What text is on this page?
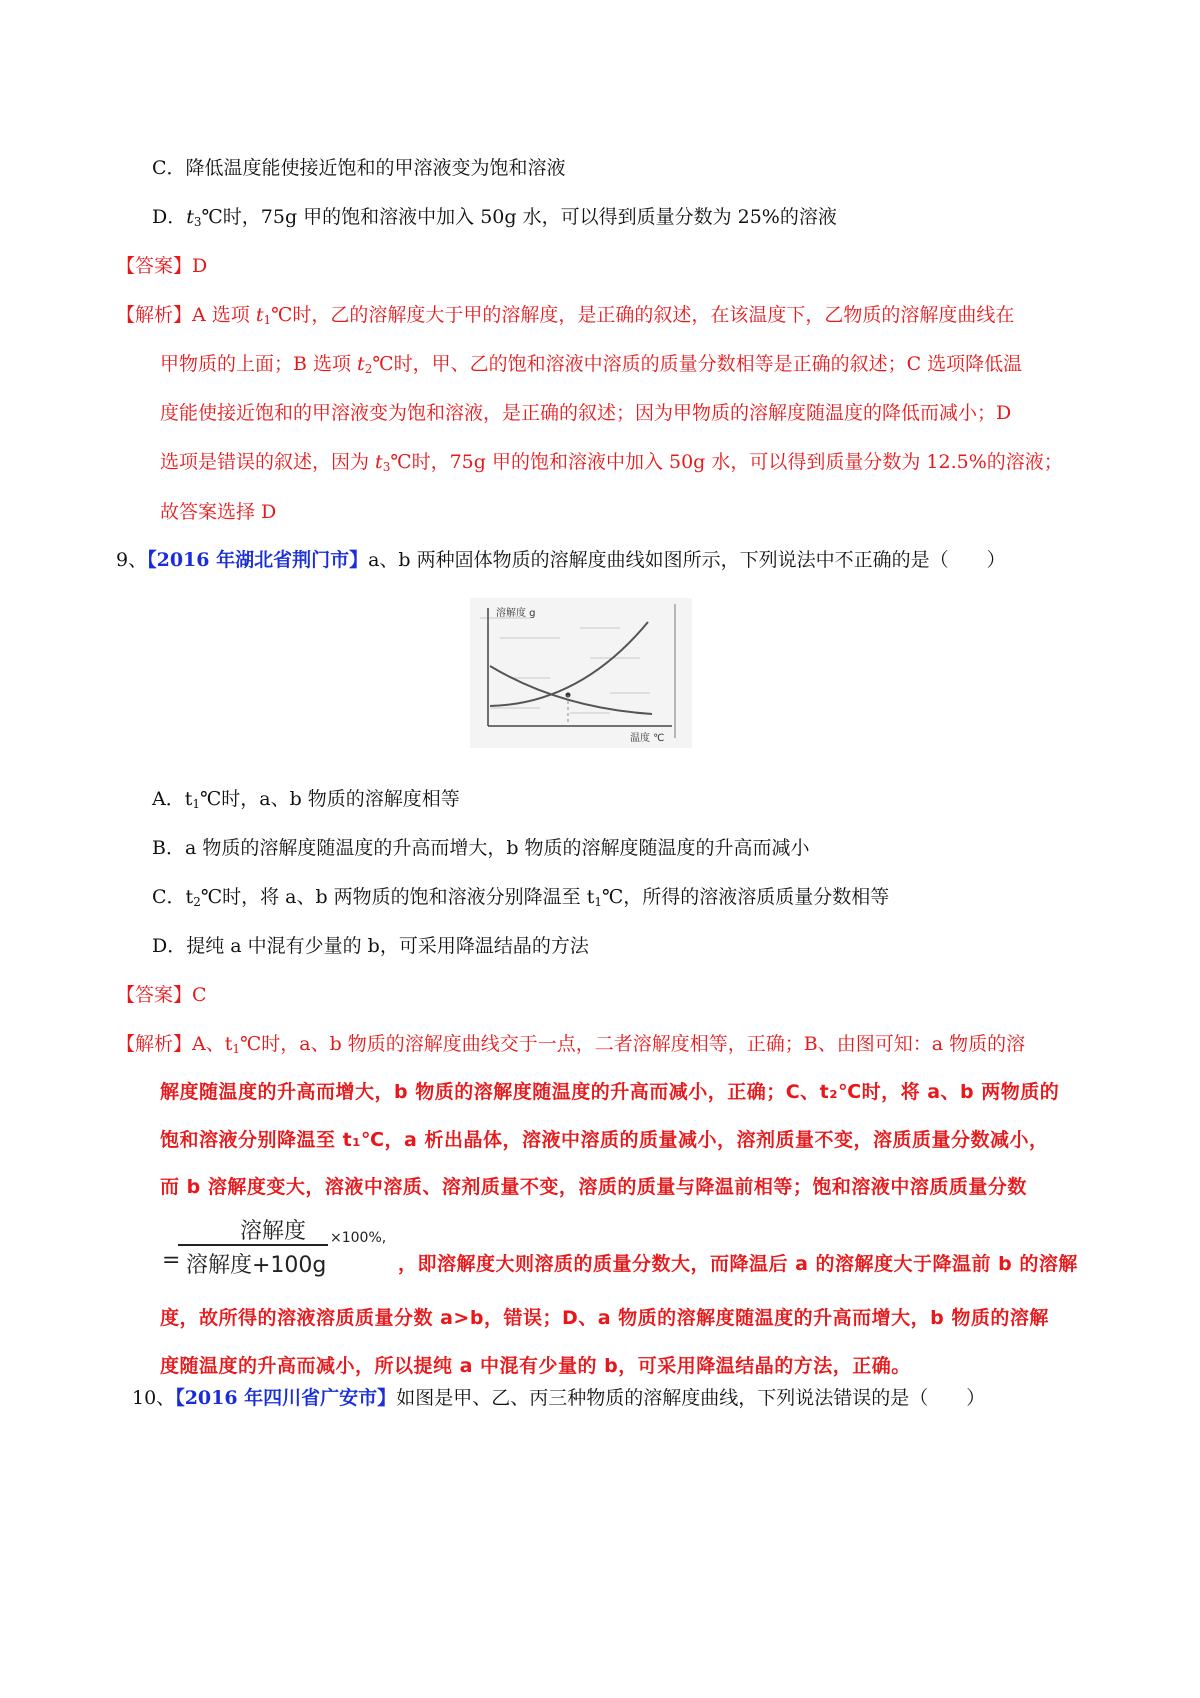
C．降低温度能使接近饱和的甲溶液变为饱和溶液
D．$t_3℃$时，75g 甲的饱和溶液中加入 50g 水，可以得到质量分数为 25%的溶液
【答案】D
【解析】A 选项 $t_1℃$时，乙的溶解度大于甲的溶解度，是正确的叙述，在该温度下，乙物质的溶解度曲线在
甲物质的上面；B 选项 $t_2℃$时，甲、乙的饱和溶液中溶质的质量分数相等是正确的叙述；C 选项降低温
度能使接近饱和的甲溶液变为饱和溶液，是正确的叙述；因为甲物质的溶解度随温度的降低而减小；D
选项是错误的叙述，因为 $t_3℃$时，75g 甲的饱和溶液中加入 50g 水，可以得到质量分数为 12.5%的溶液；
故答案选择 D
9、【2016 年湖北省荆门市】a、b 两种固体物质的溶解度曲线如图所示，下列说法中不正确的是（　　）
溶解度 g
温度 ℃
A．$t_1℃$时，a、b 物质的溶解度相等
B．a 物质的溶解度随温度的升高而增大，b 物质的溶解度随温度的升高而减小
C．$t_2℃$时，将 a、b 两物质的饱和溶液分别降温至 $t_1℃$，所得的溶液溶质质量分数相等
D．提纯 a 中混有少量的 b，可采用降温结晶的方法
【答案】C
【解析】A、$t_1℃$时，a、b 物质的溶解度曲线交于一点，二者溶解度相等，正确；B、由图可知：a 物质的溶
解度随温度的升高而增大，b 物质的溶解度随温度的升高而减小，正确；C、t₂℃时，将 a、b 两物质的
饱和溶液分别降温至 t₁℃，a 析出晶体，溶液中溶质的质量减小，溶剂质量不变，溶质质量分数减小，
而 b 溶解度变大，溶液中溶质、溶剂质量不变，溶质的质量与降温前相等；饱和溶液中溶质质量分数
=
溶解度
溶解度+100g
×100%,
，即溶解度大则溶质的质量分数大，而降温后 a 的溶解度大于降温前 b 的溶解
度，故所得的溶液溶质质量分数 a>b，错误；D、a 物质的溶解度随温度的升高而增大，b 物质的溶解
度随温度的升高而减小，所以提纯 a 中混有少量的 b，可采用降温结晶的方法，正确。
10、【2016 年四川省广安市】如图是甲、乙、丙三种物质的溶解度曲线，下列说法错误的是（　　）
